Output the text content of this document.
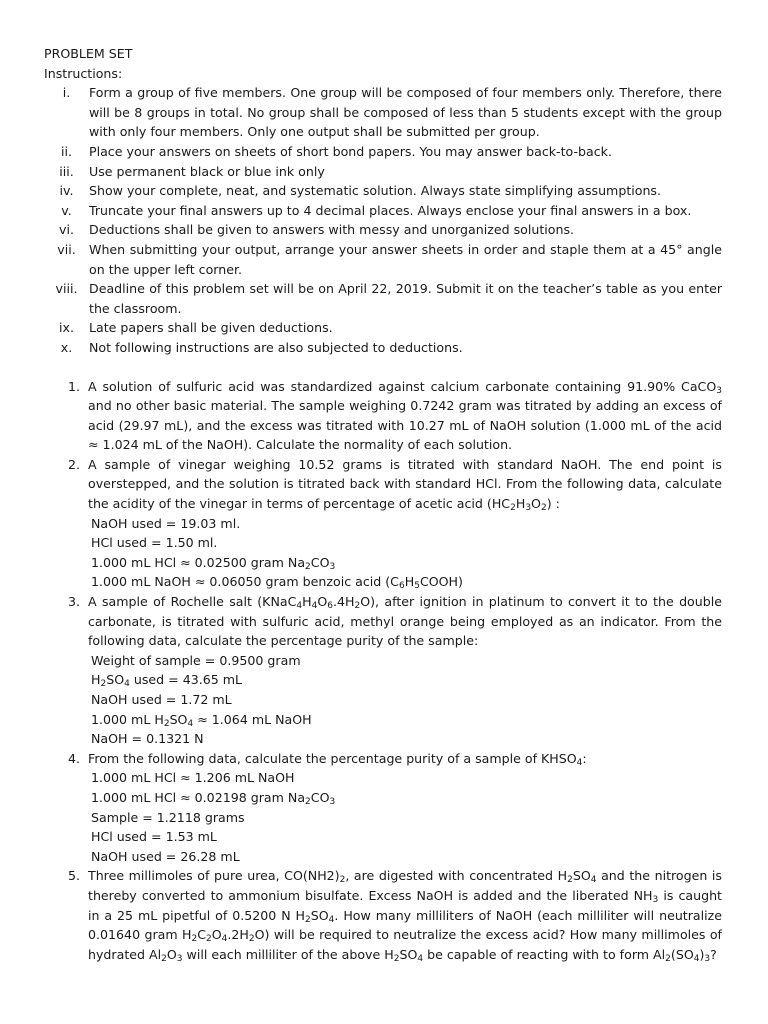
PROBLEM SET

Instructions:

i.	Form a group of five members. One group will be composed of four members only. Therefore, there will be 8 groups in total. No group shall be composed of less than 5 students except with the group with only four members. Only one output shall be submitted per group.
ii.	Place your answers on sheets of short bond papers. You may answer back-to-back.
iii.	Use permanent black or blue ink only
iv.	Show your complete, neat, and systematic solution. Always state simplifying assumptions.
v.	Truncate your final answers up to 4 decimal places. Always enclose your final answers in a box.
vi.	Deductions shall be given to answers with messy and unorganized solutions.
vii.	When submitting your output, arrange your answer sheets in order and staple them at a 45° angle on the upper left corner.
viii. Deadline of this problem set will be on April 22, 2019. Submit it on the teacher’s table as you enter the classroom.
ix.	Late papers shall be given deductions.
x.	Not following instructions are also subjected to deductions.
1. A solution of sulfuric acid was standardized against calcium carbonate containing 91.90% CaCO$_3$ and no other basic material. The sample weighing 0.7242 gram was titrated by adding an excess of acid (29.97 mL), and the excess was titrated with 10.27 mL of NaOH solution (1.000 mL of the acid ≈ 1.024 mL of the NaOH). Calculate the normality of each solution.
2. A sample of vinegar weighing 10.52 grams is titrated with standard NaOH. The end point is overstepped, and the solution is titrated back with standard HCl. From the following data, calculate the acidity of the vinegar in terms of percentage of acetic acid $(HC_2H_3O_2)$ :
NaOH used = 19.03 ml.
HCl used = 1.50 ml.
1.000 mL HCl ≈ 0.02500 gram $Na_2CO_3$
1.000 mL NaOH ≈ 0.06050 gram benzoic acid $(C_6H_5COOH)$
3. A sample of Rochelle salt $(KNaC_4H_4O_6.4H_2O)$, after ignition in platinum to convert it to the double carbonate, is titrated with sulfuric acid, methyl orange being employed as an indicator. From the following data, calculate the percentage purity of the sample:
Weight of sample = 0.9500 gram
$H_2SO_4$ used = 43.65 mL
NaOH used = 1.72 mL
1.000 mL $H_2SO_4 \approx 1.064$ mL NaOH
NaOH = 0.1321 N
4. From the following data, calculate the percentage purity of a sample of $KHSO_4$:
1.000 mL HCl ≈ 1.206 mL NaOH
1.000 mL HCl ≈ 0.02198 gram $Na_2CO_3$
Sample = 1.2118 grams
HCl used = 1.53 mL
NaOH used = 26.28 mL
5. Three millimoles of pure urea, $CO(NH2)_2$, are digested with concentrated $H_2SO_4$ and the nitrogen is thereby converted to ammonium bisulfate. Excess NaOH is added and the liberated $NH_3$ is caught in a 25 mL pipetful of 0.5200 N $H_2SO_4$. How many milliliters of NaOH (each milliliter will neutralize 0.01640 gram $H_2C_2O_4.2H_2O$) will be required to neutralize the excess acid? How many millimoles of hydrated $Al_2O_3$ will each milliliter of the above $H_2SO_4$ be capable of reacting with to form $Al_2(SO_4)_3$?
